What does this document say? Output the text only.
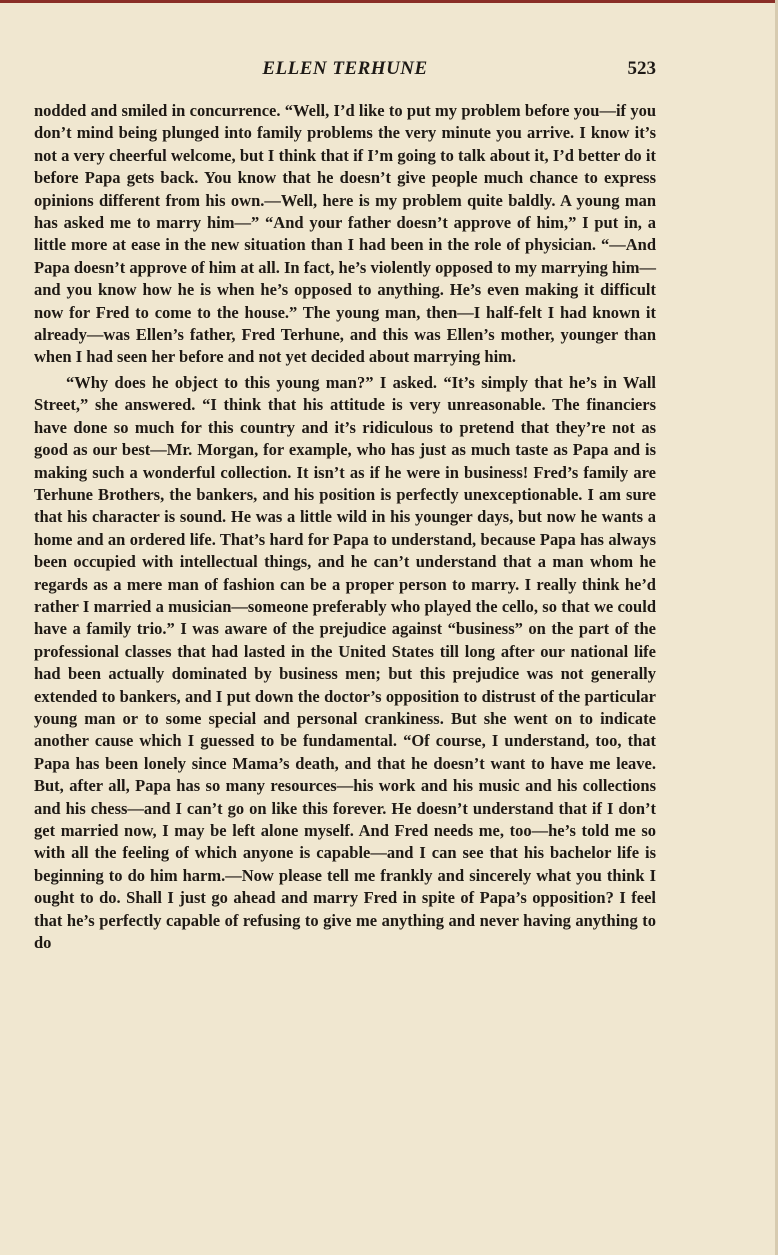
ELLEN TERHUNE	523

nodded and smiled in concurrence. “Well, I’d like to put my problem before you—if you don’t mind being plunged into family problems the very minute you arrive. I know it’s not a very cheerful welcome, but I think that if I’m going to talk about it, I’d better do it before Papa gets back. You know that he doesn’t give people much chance to express opinions different from his own.—Well, here is my problem quite baldly. A young man has asked me to marry him—” “And your father doesn’t approve of him,” I put in, a little more at ease in the new situation than I had been in the role of physician. “—And Papa doesn’t approve of him at all. In fact, he’s violently opposed to my marrying him—and you know how he is when he’s opposed to anything. He’s even making it difficult now for Fred to come to the house.” The young man, then—I half-felt I had known it already—was Ellen’s father, Fred Terhune, and this was Ellen’s mother, younger than when I had seen her before and not yet decided about marrying him.

“Why does he object to this young man?” I asked. “It’s simply that he’s in Wall Street,” she answered. “I think that his attitude is very unreasonable. The financiers have done so much for this country and it’s ridiculous to pretend that they’re not as good as our best—Mr. Morgan, for example, who has just as much taste as Papa and is making such a wonderful collection. It isn’t as if he were in business! Fred’s family are Terhune Brothers, the bankers, and his position is perfectly unexceptionable. I am sure that his character is sound. He was a little wild in his younger days, but now he wants a home and an ordered life. That’s hard for Papa to understand, because Papa has always been occupied with intellectual things, and he can’t understand that a man whom he regards as a mere man of fashion can be a proper person to marry. I really think he’d rather I married a musician—someone preferably who played the cello, so that we could have a family trio.” I was aware of the prejudice against “business” on the part of the professional classes that had lasted in the United States till long after our national life had been actually dominated by business men; but this prejudice was not generally extended to bankers, and I put down the doctor’s opposition to distrust of the particular young man or to some special and personal crankiness. But she went on to indicate another cause which I guessed to be fundamental. “Of course, I understand, too, that Papa has been lonely since Mama’s death, and that he doesn’t want to have me leave. But, after all, Papa has so many resources—his work and his music and his collections and his chess—and I can’t go on like this forever. He doesn’t understand that if I don’t get married now, I may be left alone myself. And Fred needs me, too—he’s told me so with all the feeling of which anyone is capable—and I can see that his bachelor life is beginning to do him harm.—Now please tell me frankly and sincerely what you think I ought to do. Shall I just go ahead and marry Fred in spite of Papa’s opposition? I feel that he’s perfectly capable of refusing to give me anything and never having anything to do
